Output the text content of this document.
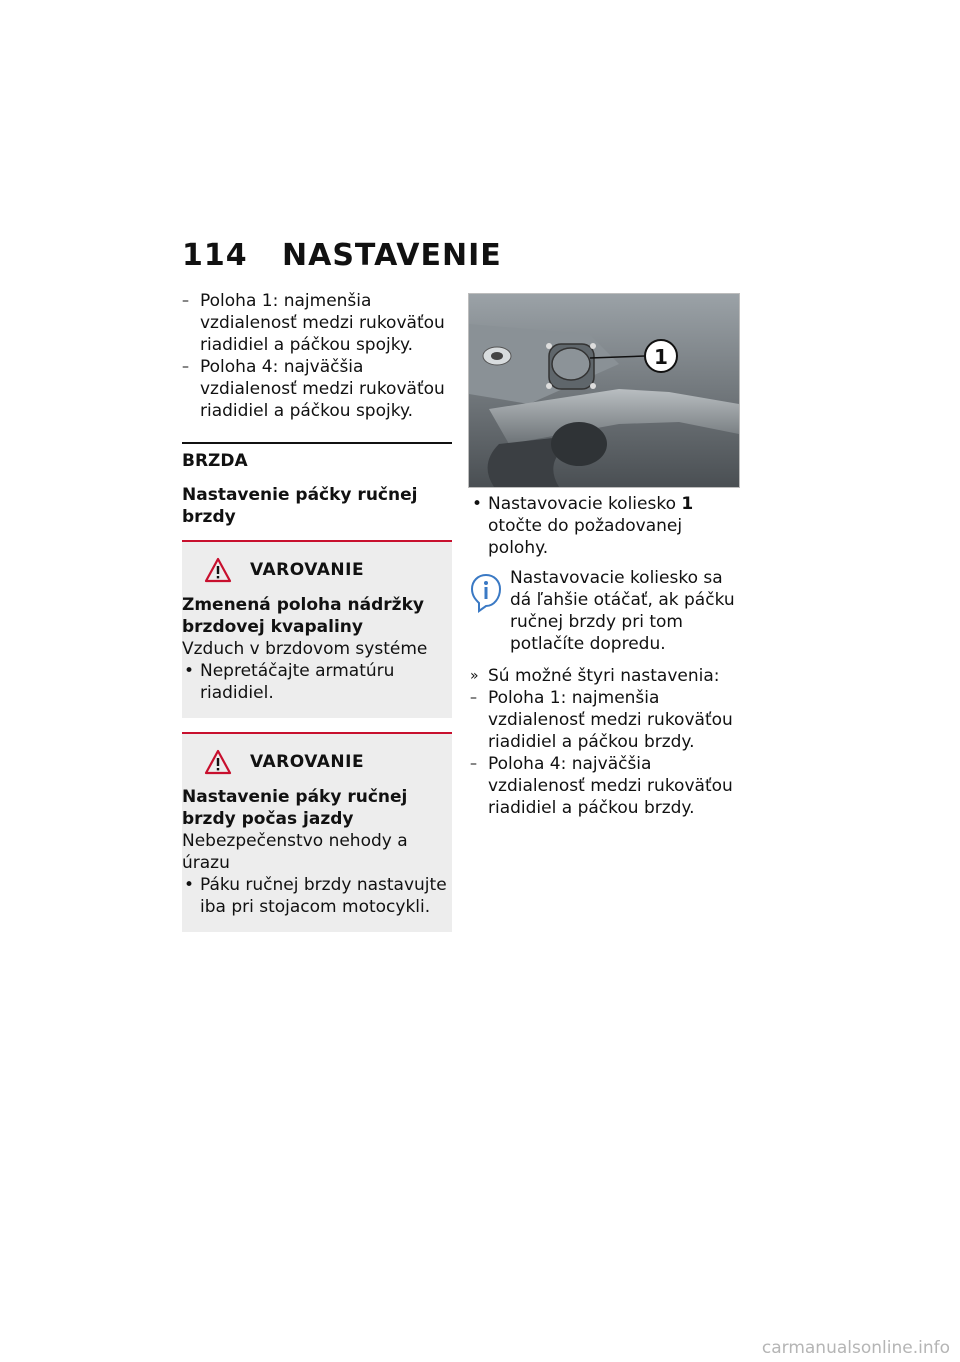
114	NASTAVENIE

– Poloha 1: najmenšia vzdialenosť medzi rukoväťou riadidiel a páčkou spojky.

– Poloha 4: najväčšia vzdialenosť medzi rukoväťou riadidiel a páčkou spojky.

BRZDA
Nastavenie páčky ručnej brzdy
VAROVANIE
Zmenená poloha nádržky brzdovej kvapaliny
Vzduch v brzdovom systéme

• Nepretáčajte armatúru riadidiel.

VAROVANIE
Nastavenie páky ručnej brzdy počas jazdy
Nebezpečenstvo nehody a úrazu

• Páku ručnej brzdy nastavujte iba pri stojacom motocykli.

1

• Nastavovacie koliesko 1 otočte do požadovanej polohy.

Nastavovacie koliesko sa dá ľahšie otáčať, ak páčku ručnej brzdy pri tom potlačíte dopredu.

» Sú možné štyri nastavenia:

– Poloha 1: najmenšia vzdialenosť medzi rukoväťou riadidiel a páčkou brzdy.

– Poloha 4: najväčšia vzdialenosť medzi rukoväťou riadidiel a páčkou brzdy.

carmanualsonline.info
